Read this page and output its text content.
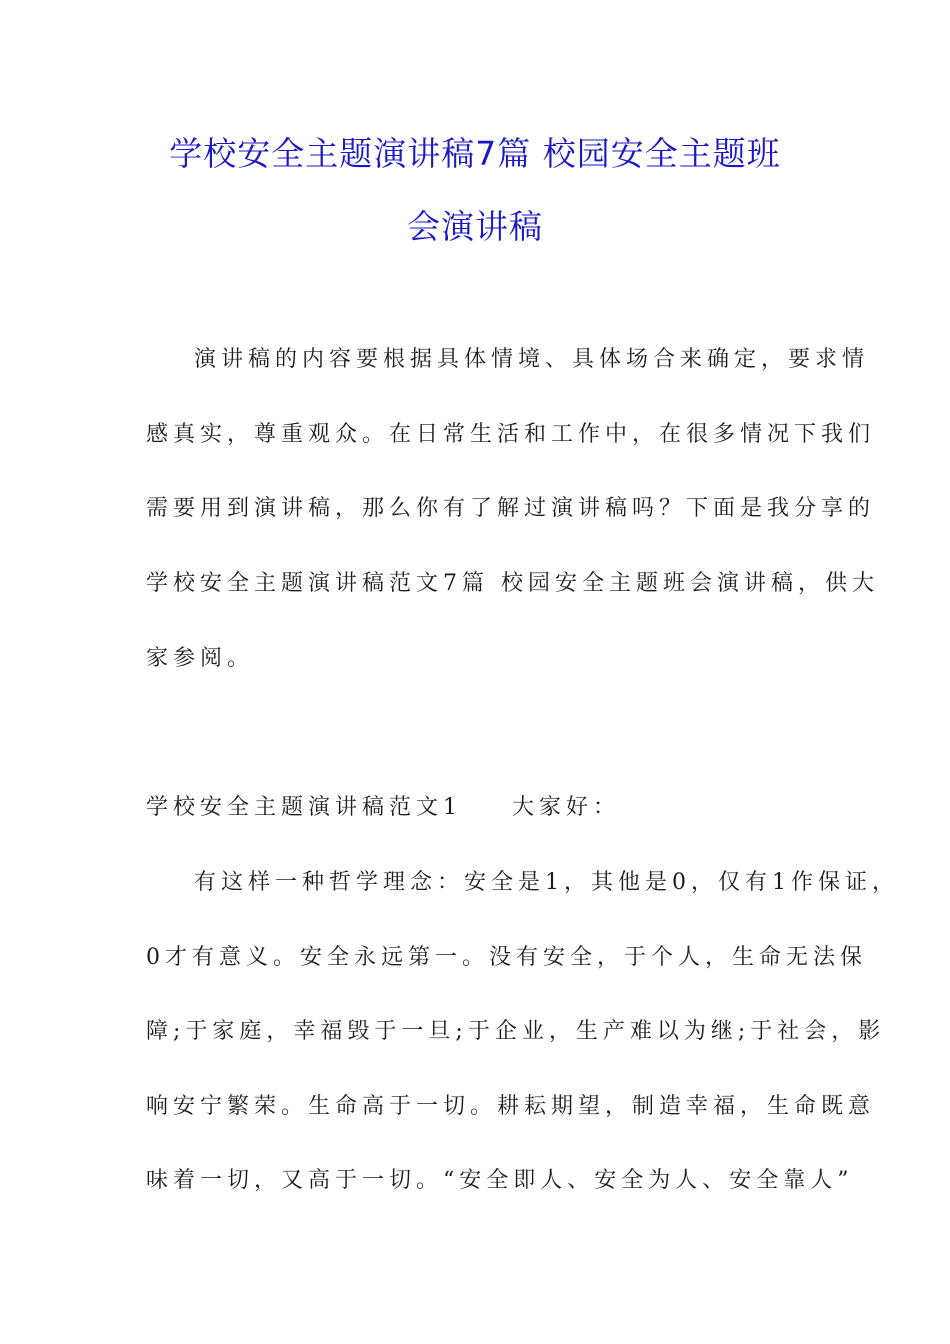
学校安全主题演讲稿7篇 校园安全主题班
会演讲稿
演讲稿的内容要根据具体情境、具体场合来确定，要求情
感真实，尊重观众。在日常生活和工作中，在很多情况下我们
需要用到演讲稿，那么你有了解过演讲稿吗？下面是我分享的
学校安全主题演讲稿范文7篇 校园安全主题班会演讲稿，供大
家参阅。
学校安全主题演讲稿范文1 大家好：
有这样一种哲学理念：安全是1，其他是0，仅有1作保证，
0才有意义。安全永远第一。没有安全，于个人，生命无法保
障;于家庭，幸福毁于一旦;于企业，生产难以为继;于社会，影
响安宁繁荣。生命高于一切。耕耘期望，制造幸福，生命既意
味着一切，又高于一切。“安全即人、安全为人、安全靠人”
